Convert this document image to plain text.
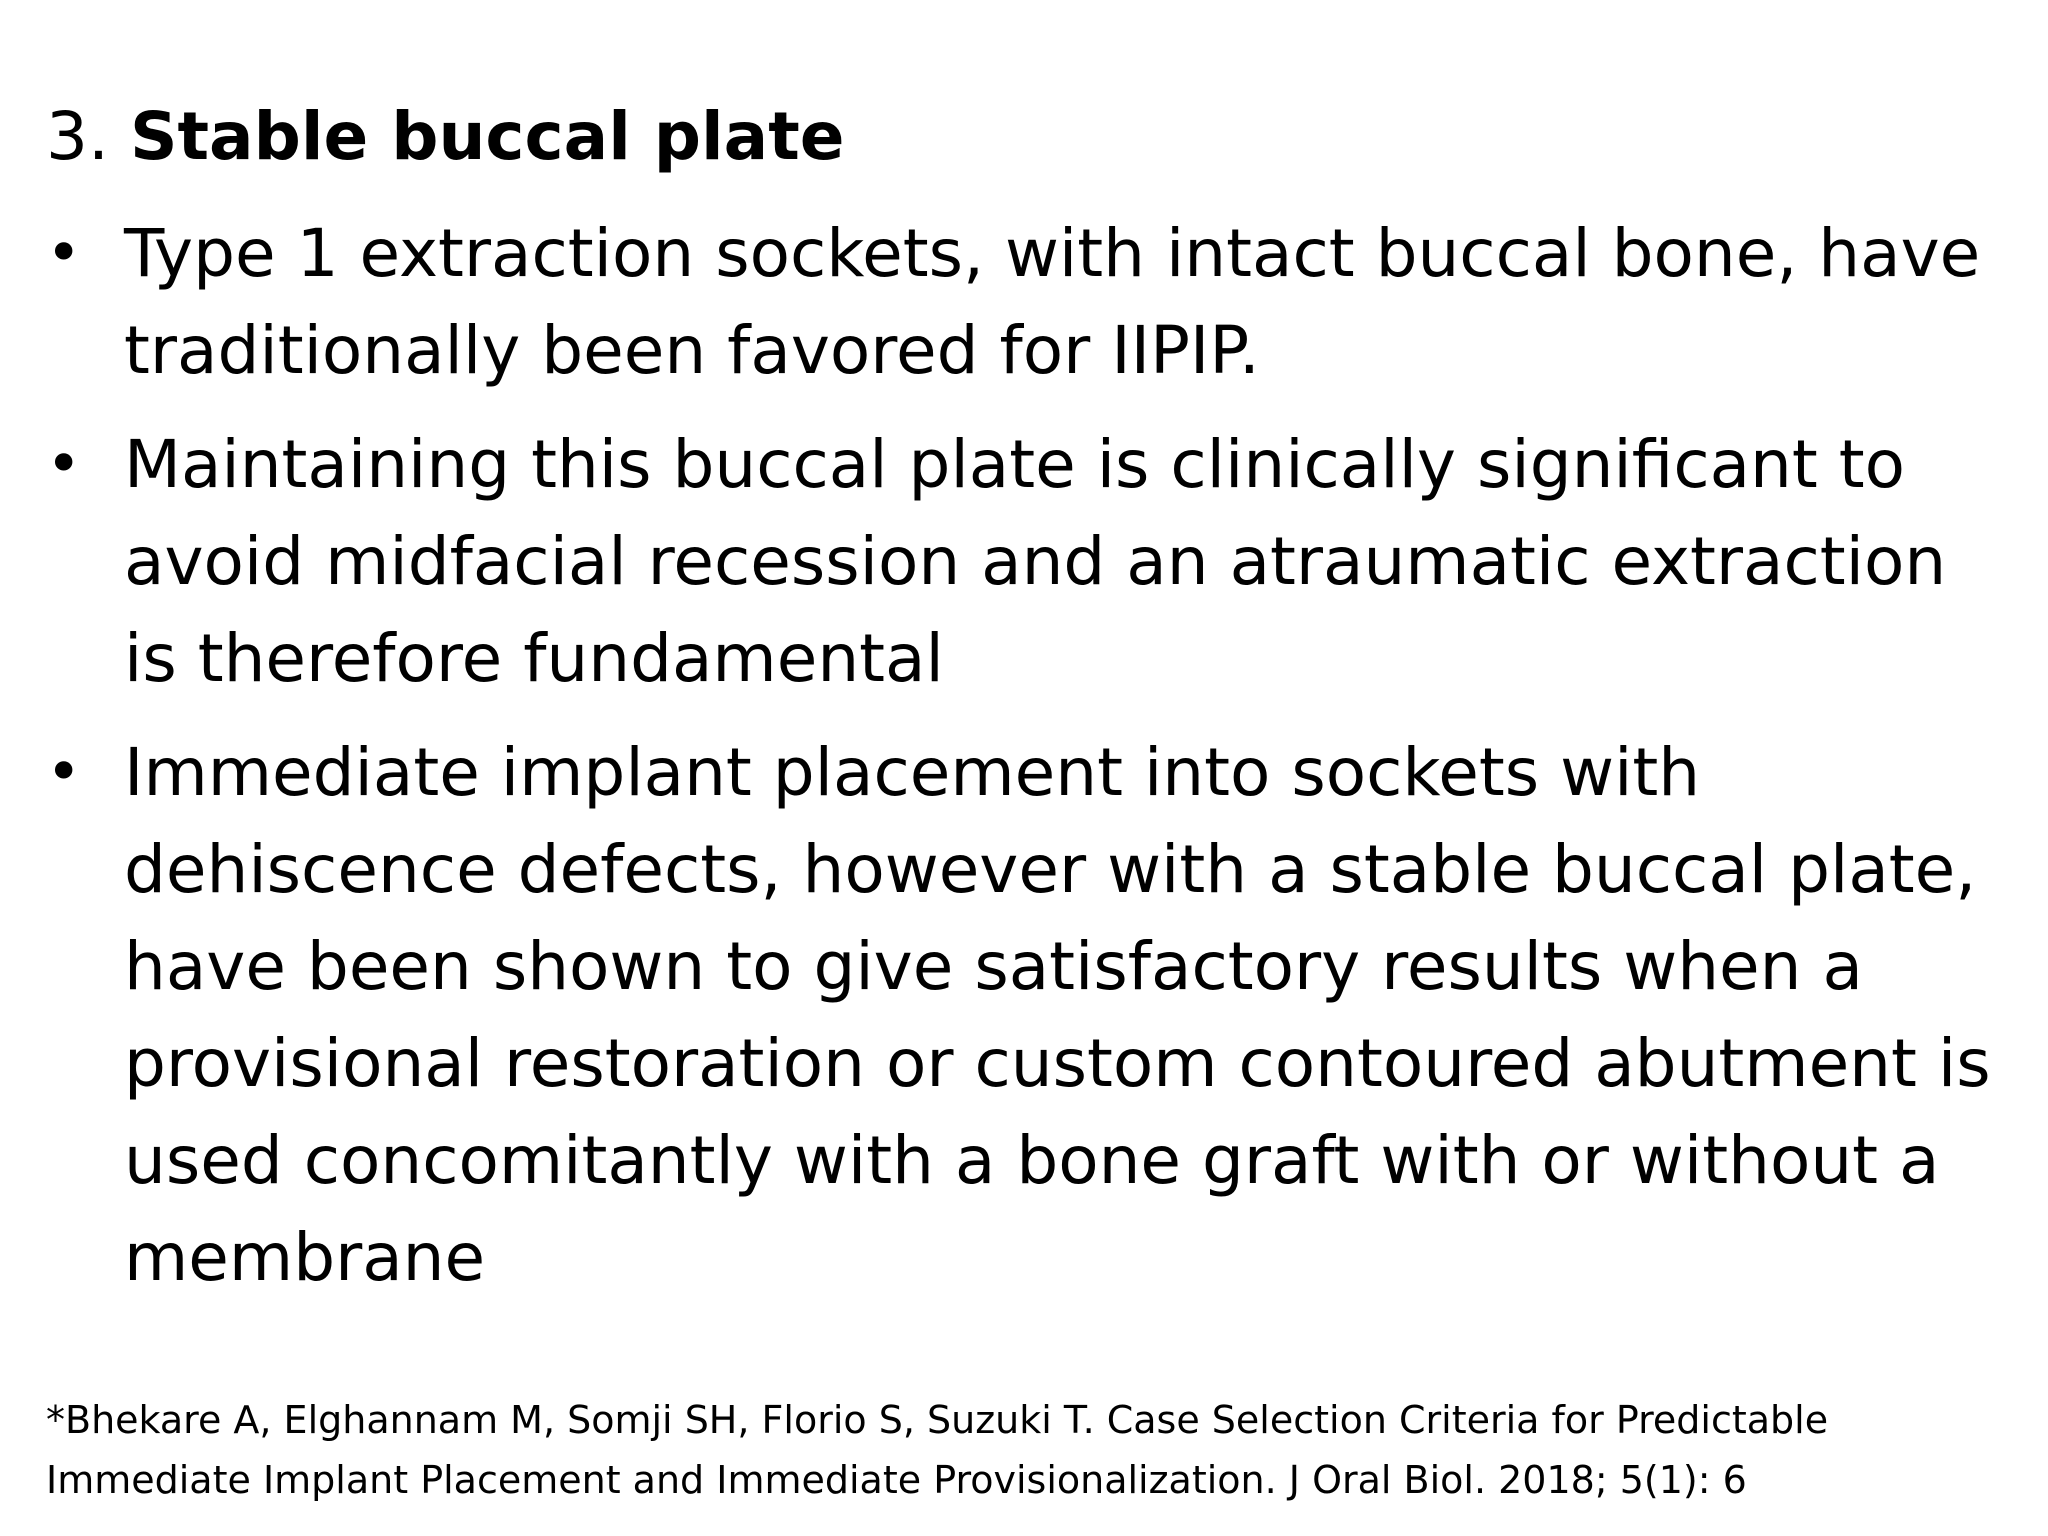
3. Stable buccal plate
• Type 1 extraction sockets, with intact buccal bone, have traditionally been favored for IIPIP.
• Maintaining this buccal plate is clinically significant to avoid midfacial recession and an atraumatic extraction is therefore fundamental
• Immediate implant placement into sockets with dehiscence defects, however with a stable buccal plate, have been shown to give satisfactory results when a provisional restoration or custom contoured abutment is used concomitantly with a bone graft with or without a membrane
*Bhekare A, Elghannam M, Somji SH, Florio S, Suzuki T. Case Selection Criteria for Predictable Immediate Implant Placement and Immediate Provisionalization. J Oral Biol. 2018; 5(1): 6
